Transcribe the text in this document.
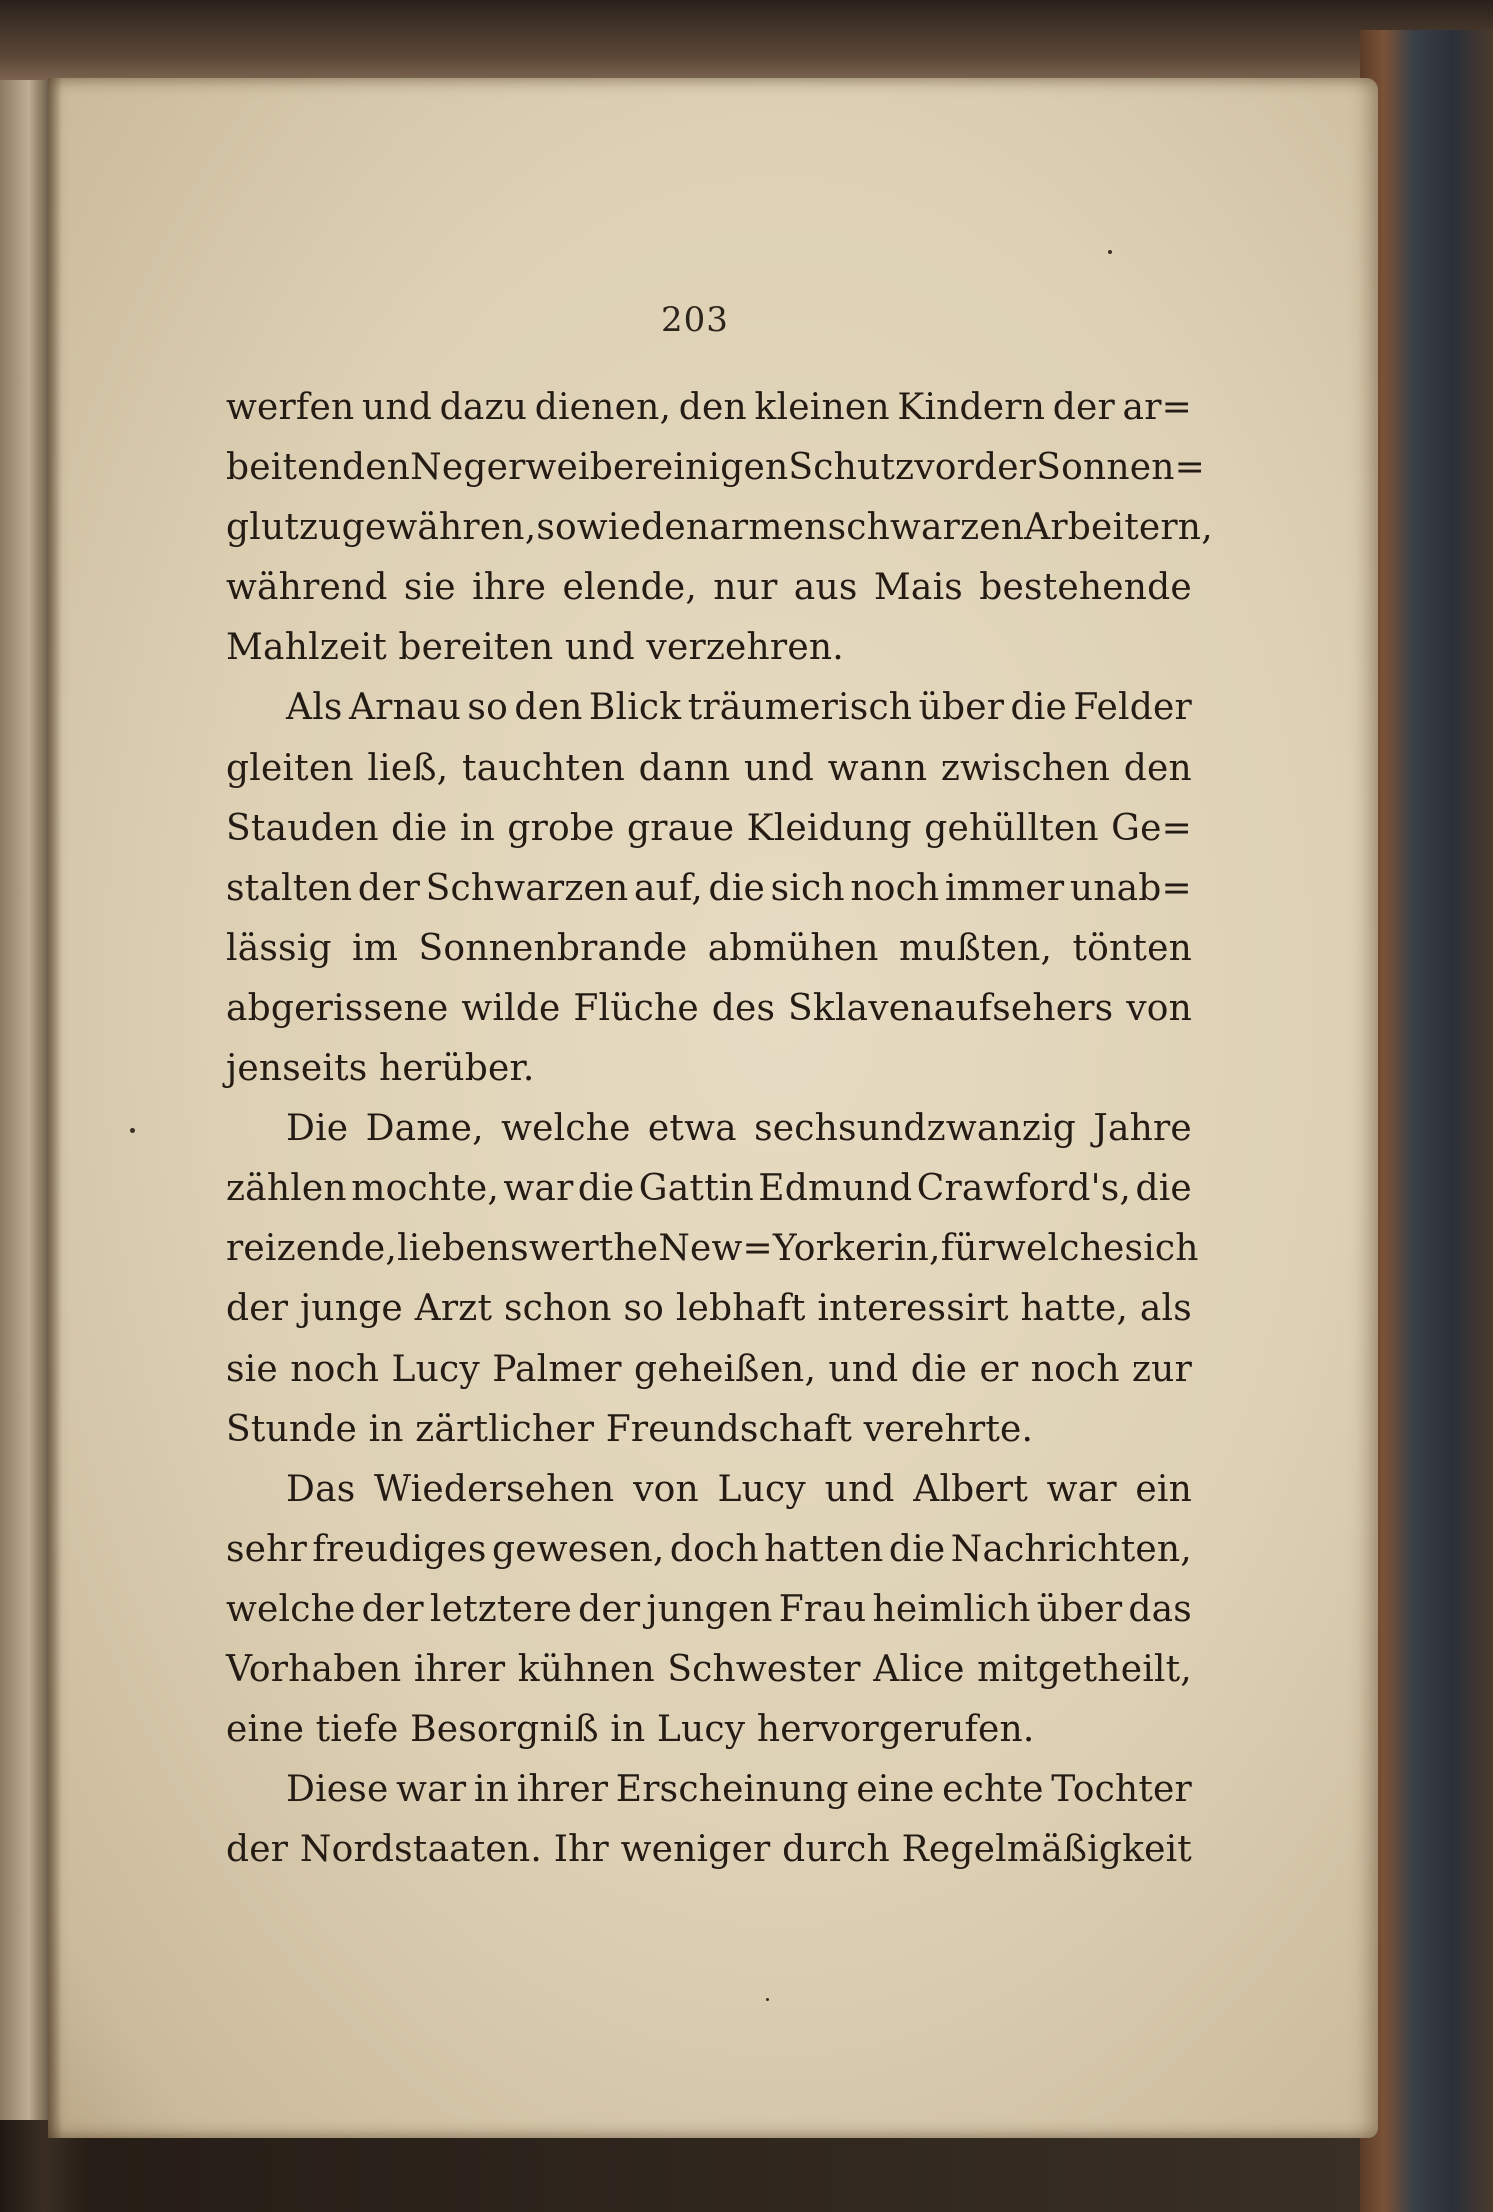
203
werfen und dazu dienen, den kleinen Kindern der ar=
beitenden Negerweiber einigen Schutz vor der Sonnen=
glut zu gewähren, sowie den armen schwarzen Arbeitern,
während sie ihre elende, nur aus Mais bestehende
Mahlzeit bereiten und verzehren.
Als Arnau so den Blick träumerisch über die Felder
gleiten ließ, tauchten dann und wann zwischen den
Stauden die in grobe graue Kleidung gehüllten Ge=
stalten der Schwarzen auf, die sich noch immer unab=
lässig im Sonnenbrande abmühen mußten, tönten
abgerissene wilde Flüche des Sklavenaufsehers von
jenseits herüber.
Die Dame, welche etwa sechsundzwanzig Jahre
zählen mochte, war die Gattin Edmund Crawford's, die
reizende, liebenswerthe New=Yorkerin, für welche sich
der junge Arzt schon so lebhaft interessirt hatte, als
sie noch Lucy Palmer geheißen, und die er noch zur
Stunde in zärtlicher Freundschaft verehrte.
Das Wiedersehen von Lucy und Albert war ein
sehr freudiges gewesen, doch hatten die Nachrichten,
welche der letztere der jungen Frau heimlich über das
Vorhaben ihrer kühnen Schwester Alice mitgetheilt,
eine tiefe Besorgniß in Lucy hervorgerufen.
Diese war in ihrer Erscheinung eine echte Tochter
der Nordstaaten. Ihr weniger durch Regelmäßigkeit
